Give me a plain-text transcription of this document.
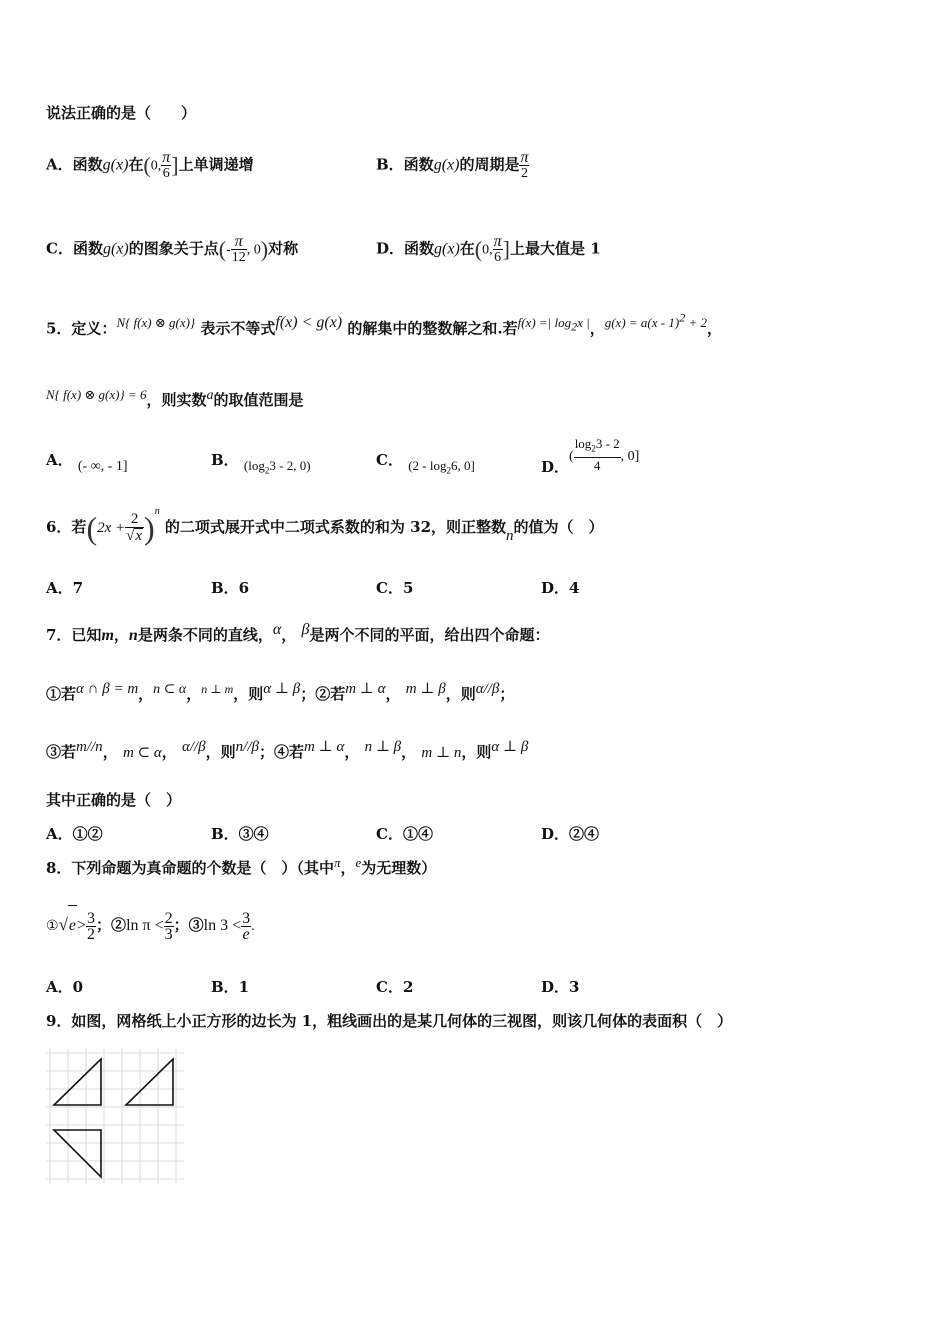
说法正确的是（　　）
A．函数g(x)在(0, $\frac{\pi}{6}$ ]上单调递增	B．函数g(x)的周期是 $\frac{\pi}{2}$
C．函数g(x)的图象关于点(- $\frac{\pi}{12}$ , 0)对称	D．函数g(x)在(0, $\frac{\pi}{6}$ ]上最大值是 1
5．定义：N{ f(x) ⊗ g(x)} 表示不等式f(x) < g(x) 的解集中的整数解之和.若f(x) =| $\log_2x$ |，g(x) = a(x - 1)$^2$ + 2，
N{ f(x) ⊗ g(x)} = 6，则实数a的取值范围是
A． (- ∞, - 1]	B． ($\log_23 - 2$, 0)	C． ($2 - \log_26$, 0]	D．( $\frac{\log_23 - 2}{4}$ , 0]
6．若$(2x + \frac{2}{√x} )^n$ 的二项式展开式中二项式系数的和为 32，则正整数n的值为（　）
A．7	B．6	C．5	D．4
7．已知m，n是两条不同的直线，α， β是两个不同的平面，给出四个命题：
①若α ∩ β = m，n ⊂ α，$^{n \perp m}$，则α ⊥ β；②若m ⊥ α， m ⊥ β，则α//β；
③若m//n， m ⊂ α， α//β，则n//β；④若m ⊥ α， n ⊥ β， m ⊥ n，则α ⊥ β
其中正确的是（　）
A．①②	B．③④	C．①④	D．②④
8．下列命题为真命题的个数是（　）（其中π，e为无理数）
①√e> $\frac{3}{2}$ ；②ln $\pi < \frac{2}{3}$ ；③ln $3 < \frac{3}{e}$ .
A．0	B．1	C．2	D．3
9．如图，网格纸上小正方形的边长为 1，粗线画出的是某几何体的三视图，则该几何体的表面积（　）
